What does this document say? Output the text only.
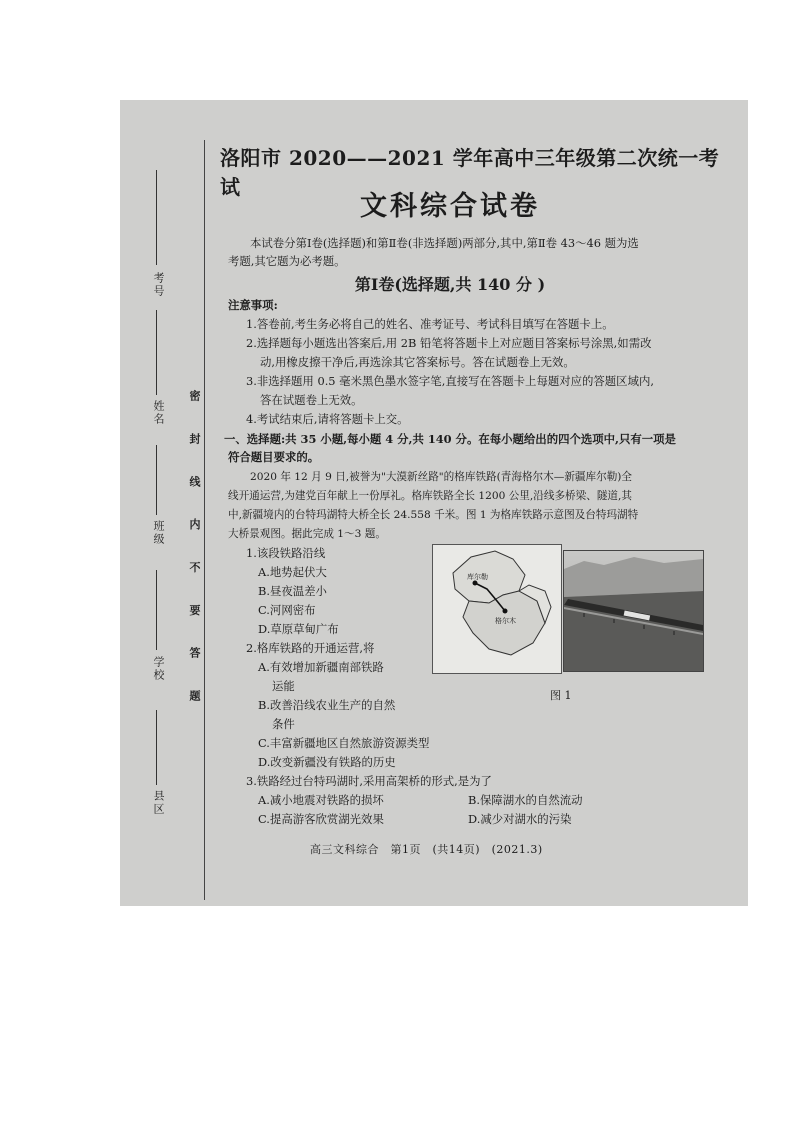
考号
姓名
班级
学校
县区
密 封 线 内 不 要 答 题
洛阳市 2020——2021 学年高中三年级第二次统一考试
文科综合试卷
本试卷分第Ⅰ卷(选择题)和第Ⅱ卷(非选择题)两部分,其中,第Ⅱ卷 43～46 题为选
考题,其它题为必考题。
第Ⅰ卷(选择题,共 140 分 )
注意事项:
1.答卷前,考生务必将自己的姓名、准考证号、考试科目填写在答题卡上。
2.选择题每小题选出答案后,用 2B 铅笔将答题卡上对应题目答案标号涂黑,如需改
动,用橡皮擦干净后,再选涂其它答案标号。答在试题卷上无效。
3.非选择题用 0.5 毫米黑色墨水签字笔,直接写在答题卡上每题对应的答题区域内,
答在试题卷上无效。
4.考试结束后,请将答题卡上交。
一、选择题:共 35 小题,每小题 4 分,共 140 分。在每小题给出的四个选项中,只有一项是
符合题目要求的。
2020 年 12 月 9 日,被誉为"大漠新丝路"的格库铁路(青海格尔木—新疆库尔勒)全
线开通运营,为建党百年献上一份厚礼。格库铁路全长 1200 公里,沿线多桥梁、隧道,其
中,新疆境内的台特玛湖特大桥全长 24.558 千米。图 1 为格库铁路示意图及台特玛湖特
大桥景观图。据此完成 1～3 题。
1.该段铁路沿线
A.地势起伏大
B.昼夜温差小
C.河网密布
D.草原草甸广布
2.格库铁路的开通运营,将
A.有效增加新疆南部铁路
运能
B.改善沿线农业生产的自然
条件
C.丰富新疆地区自然旅游资源类型
D.改变新疆没有铁路的历史
3.铁路经过台特玛湖时,采用高架桥的形式,是为了
A.减小地震对铁路的损坏	B.保障湖水的自然流动
C.提高游客欣赏湖光效果	D.减少对湖水的污染
库尔勒
格尔木
图 1
高三文科综合　第1页　(共14页)　(2021.3)
